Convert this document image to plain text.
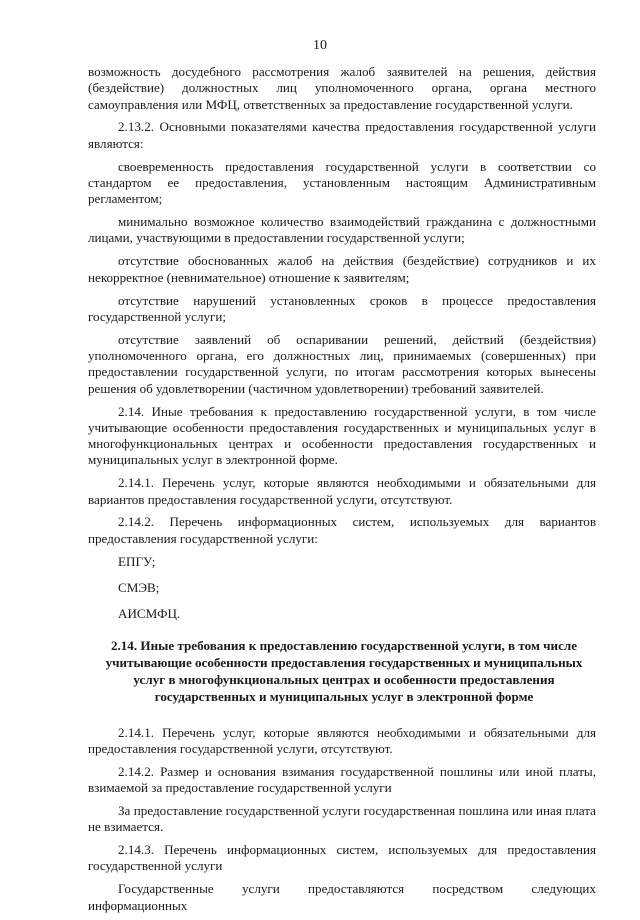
10

возможность досудебного рассмотрения жалоб заявителей на решения, действия (бездействие) должностных лиц уполномоченного органа, органа местного самоуправления или МФЦ, ответственных за предоставление государственной услуги.

2.13.2. Основными показателями качества предоставления государственной услуги являются:

своевременность предоставления государственной услуги в соответствии со стандартом ее предоставления, установленным настоящим Административным регламентом;

минимально возможное количество взаимодействий гражданина с должностными лицами, участвующими в предоставлении государственной услуги;

отсутствие обоснованных жалоб на действия (бездействие) сотрудников и их некорректное (невнимательное) отношение к заявителям;

отсутствие нарушений установленных сроков в процессе предоставления государственной услуги;

отсутствие заявлений об оспаривании решений, действий (бездействия) уполномоченного органа, его должностных лиц, принимаемых (совершенных) при предоставлении государственной услуги, по итогам рассмотрения которых вынесены решения об удовлетворении (частичном удовлетворении) требований заявителей.

2.14. Иные требования к предоставлению государственной услуги, в том числе учитывающие особенности предоставления государственных и муниципальных услуг в многофункциональных центрах и особенности предоставления государственных и муниципальных услуг в электронной форме.

2.14.1. Перечень услуг, которые являются необходимыми и обязательными для вариантов предоставления государственной услуги, отсутствуют.

2.14.2. Перечень информационных систем, используемых для вариантов предоставления государственной услуги:

ЕПГУ;

СМЭВ;

АИСМФЦ.

2.14. Иные требования к предоставлению государственной услуги, в том числе учитывающие особенности предоставления государственных и муниципальных услуг в многофункциональных центрах и особенности предоставления государственных и муниципальных услуг в электронной форме

2.14.1. Перечень услуг, которые являются необходимыми и обязательными для предоставления государственной услуги, отсутствуют.

2.14.2. Размер и основания взимания государственной пошлины или иной платы, взимаемой за предоставление государственной услуги

За предоставление государственной услуги государственная пошлина или иная плата не взимается.

2.14.3. Перечень информационных систем, используемых для предоставления государственной услуги

Государственные услуги предоставляются посредством следующих информационных
